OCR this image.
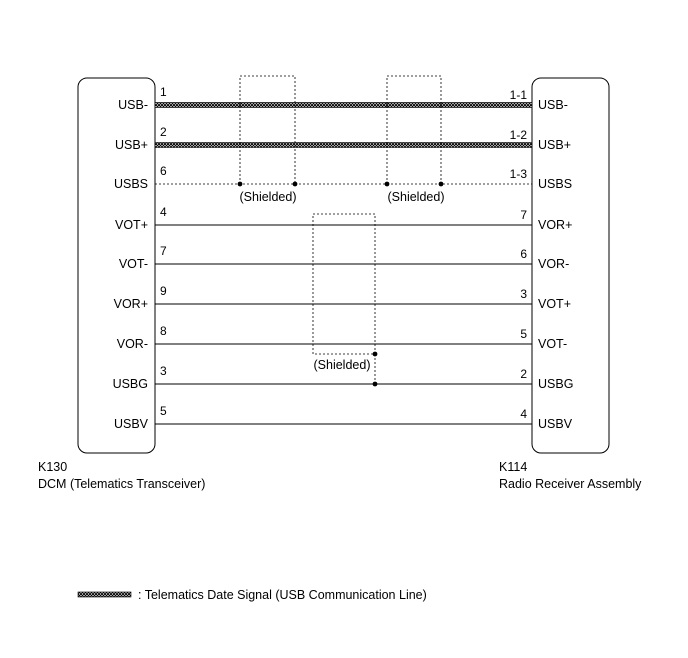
USB-
1	1-1
USB-
USB+
2	1-2
USB+
USBS
6	1-3
USBS
VOT+
4	7
VOR+
VOT-
7	6
VOR-
VOR+
9	3
VOT+
VOR-
8	5
VOT-
USBG
3	2
USBG
USBV
5	4
USBV
(Shielded)	(Shielded)
(Shielded)
K130
DCM (Telematics Transceiver)
K114
Radio Receiver Assembly
: Telematics Date Signal (USB Communication Line)
